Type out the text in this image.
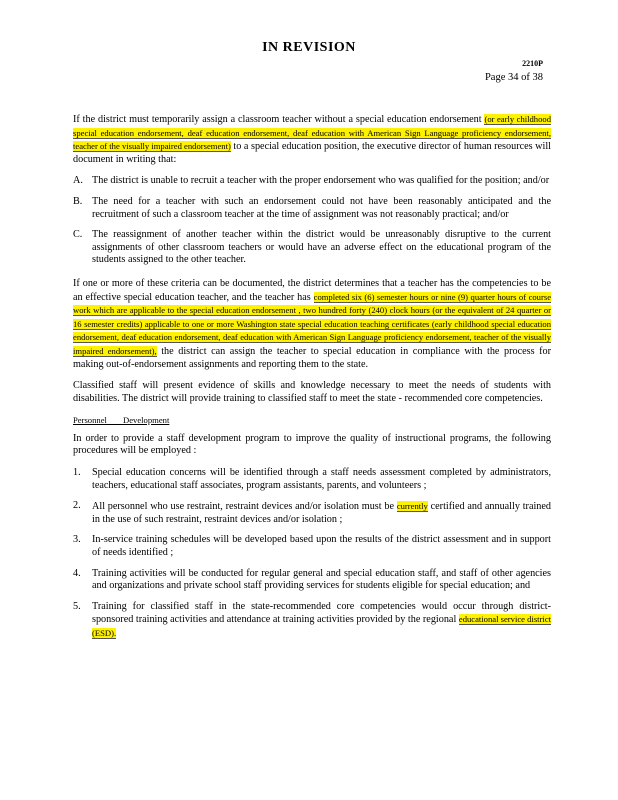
IN REVISION
2210P
Page 34 of 38

If the district must temporarily assign a classroom teacher without a special education endorsement (or early childhood special education endorsement, deaf education endorsement, deaf education with American Sign Language proficiency endorsement, teacher of the visually impaired endorsement) to a special education position, the executive director of human resources will document in writing that:

A. The district is unable to recruit a teacher with the proper endorsement who was qualified for the position; and/or
B. The need for a teacher with such an endorsement could not have been reasonably anticipated and the recruitment of such a classroom teacher at the time of assignment was not reasonably practical; and/or
C. The reassignment of another teacher within the district would be unreasonably disruptive to the current assignments of other classroom teachers or would have an adverse effect on the educational program of the students assigned to the other teacher.

If one or more of these criteria can be documented, the district determines that a teacher has the competencies to be an effective special education teacher, and the teacher has completed six (6) semester hours or nine (9) quarter hours of course work which are applicable to the special education endorsement , two hundred forty (240) clock hours (or the equivalent of 24 quarter or 16 semester credits) applicable to one or more Washington state special education teaching certificates (early childhood special education endorsement, deaf education endorsement, deaf education with American Sign Language proficiency endorsement, teacher of the visually impaired endorsement), the district can assign the teacher to special education in compliance with the process for making out-of-endorsement assignments and reporting them to the state.

Classified staff will present evidence of skills and knowledge necessary to meet the needs of students with disabilities. The district will provide training to classified staff to meet the state - recommended core competencies.

Personnel Development

In order to provide a staff development program to improve the quality of instructional programs, the following procedures will be employed :

1. Special education concerns will be identified through a staff needs assessment completed by administrators, teachers, educational staff associates, program assistants, parents, and volunteers ;
2. All personnel who use restraint, restraint devices and/or isolation must be currently certified and annually trained in the use of such restraint, restraint devices and/or isolation ;
3. In-service training schedules will be developed based upon the results of the district assessment and in support of needs identified ;
4. Training activities will be conducted for regular general and special education staff, and staff of other agencies and organizations and private school staff providing services for students eligible for special education; and
5. Training for classified staff in the state-recommended core competencies would occur through district-sponsored training activities and attendance at training activities provided by the regional educational service district (ESD).
